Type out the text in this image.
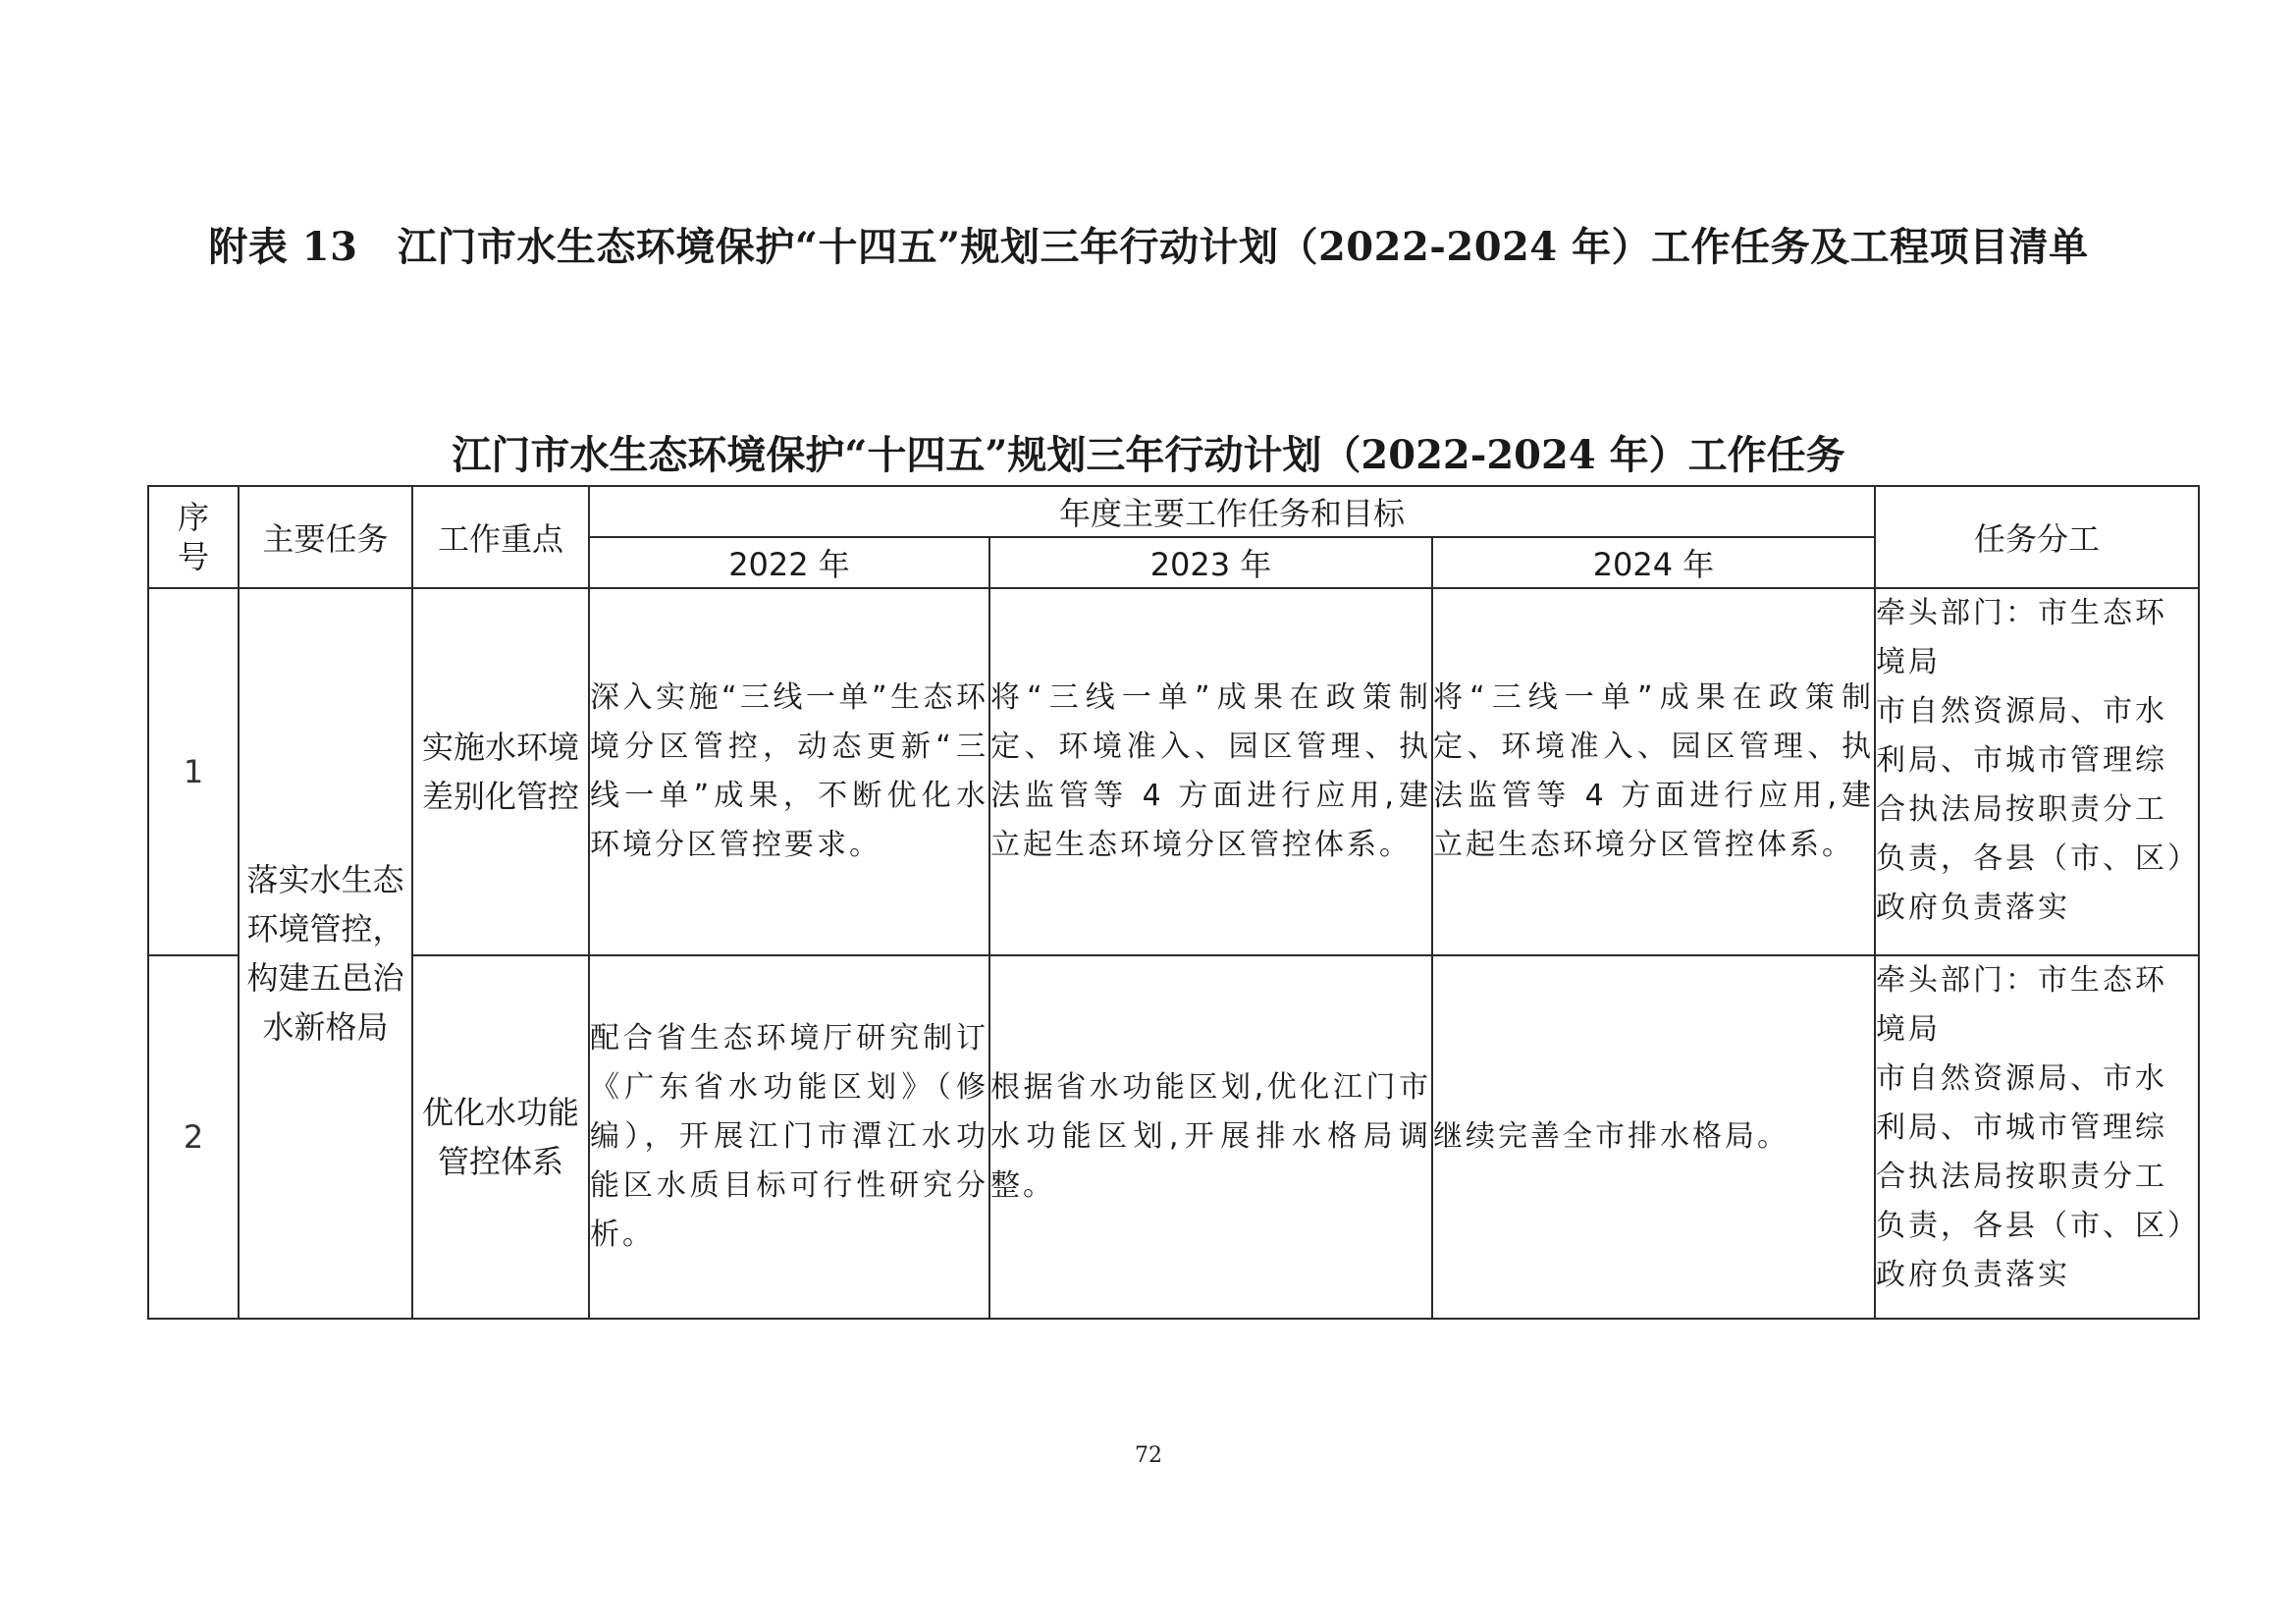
附表 13　江门市水生态环境保护“十四五”规划三年行动计划（2022-2024 年）工作任务及工程项目清单
江门市水生态环境保护“十四五”规划三年行动计划（2022-2024 年）工作任务
序号	主要任务	工作重点	年度主要工作任务和目标			任务分工
			2022 年	2023 年	2024 年	
1	落实水生态环境管控，构建五邑治水新格局	实施水环境差别化管控	深入实施“三线一单”生态环境分区管控，动态更新“三线一单”成果，不断优化水环境分区管控要求。	将“三线一单”成果在政策制定、环境准入、园区管理、执法监管等 4 方面进行应用,建立起生态环境分区管控体系。	将“三线一单”成果在政策制定、环境准入、园区管理、执法监管等 4 方面进行应用,建立起生态环境分区管控体系。	牵头部门：市生态环境局
市自然资源局、市水利局、市城市管理综合执法局按职责分工负责，各县（市、区）政府负责落实

2		优化水功能管控体系	配合省生态环境厅研究制订《广东省水功能区划》（修编），开展江门市潭江水功能区水质目标可行性研究分析。	根据省水功能区划,优化江门市水功能区划,开展排水格局调整。	继续完善全市排水格局。	牵头部门：市生态环境局
市自然资源局、市水利局、市城市管理综合执法局按职责分工负责，各县（市、区）政府负责落实
72
